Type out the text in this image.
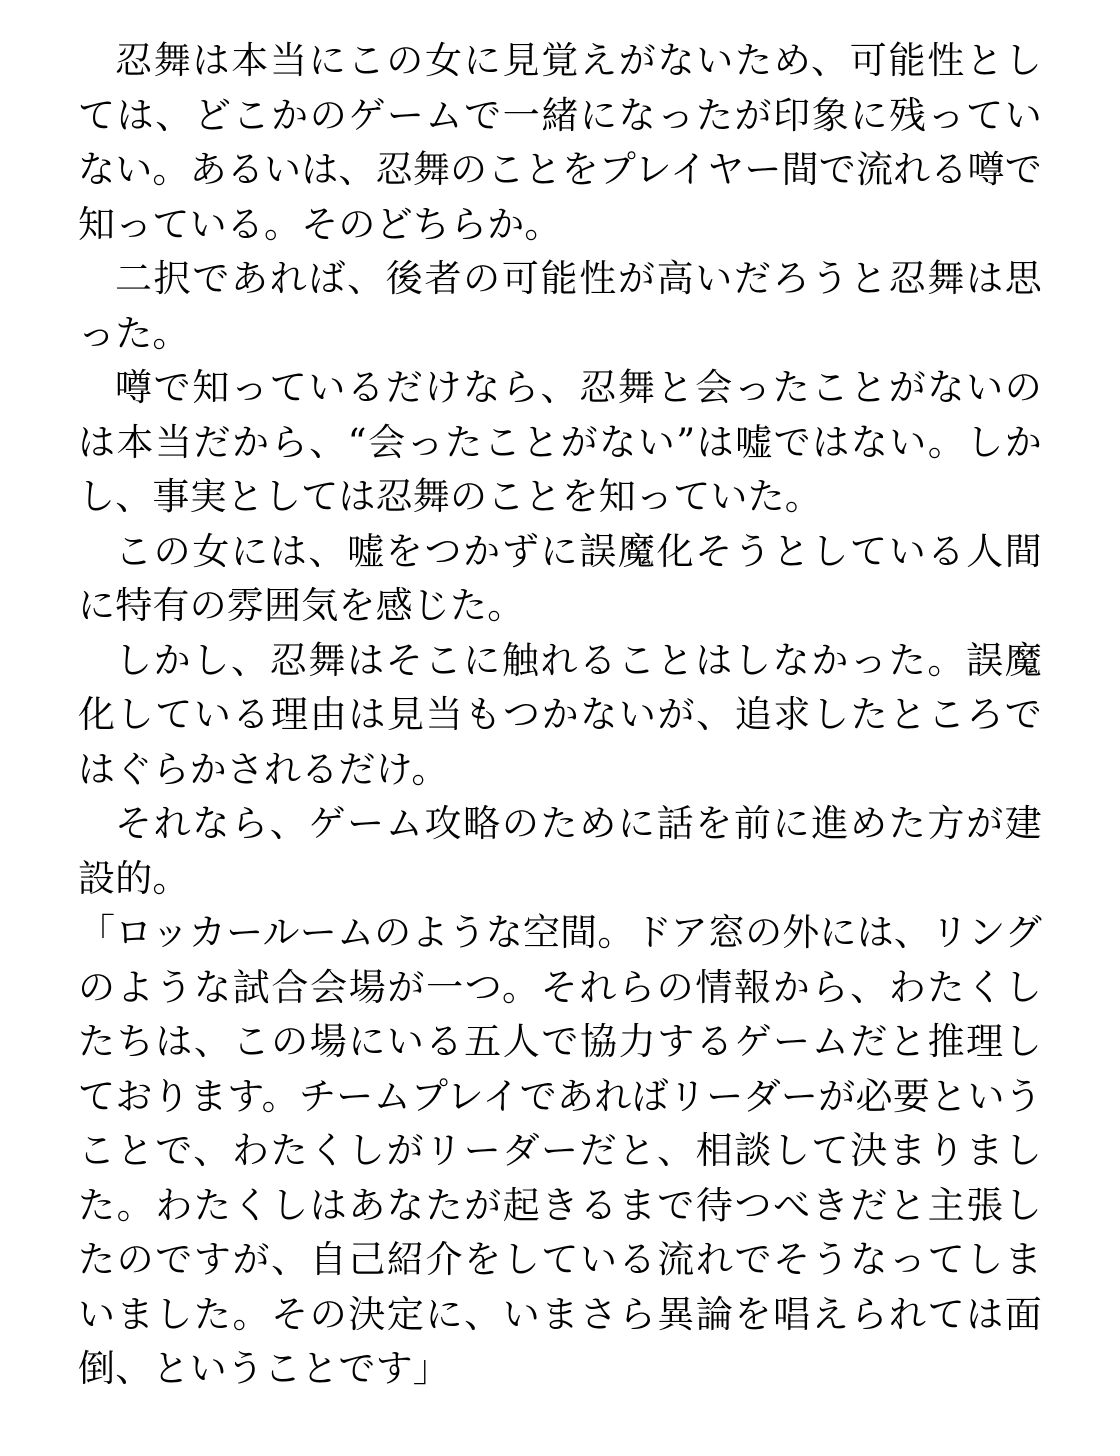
忍舞は本当にこの女に見覚えがないため、可能性としては、どこかのゲームで一緒になったが印象に残っていない。あるいは、忍舞のことをプレイヤー間で流れる噂で知っている。そのどちらか。

二択であれば、後者の可能性が高いだろうと忍舞は思った。

噂で知っているだけなら、忍舞と会ったことがないのは本当だから、“会ったことがない”は嘘ではない。しかし、事実としては忍舞のことを知っていた。

この女には、嘘をつかずに誤魔化そうとしている人間に特有の雰囲気を感じた。

しかし、忍舞はそこに触れることはしなかった。誤魔化している理由は見当もつかないが、追求したところではぐらかされるだけ。

それなら、ゲーム攻略のために話を前に進めた方が建設的。

「ロッカールームのような空間。ドア窓の外には、リングのような試合会場が一つ。それらの情報から、わたくしたちは、この場にいる五人で協力するゲームだと推理しております。チームプレイであればリーダーが必要ということで、わたくしがリーダーだと、相談して決まりました。わたくしはあなたが起きるまで待つべきだと主張したのですが、自己紹介をしている流れでそうなってしまいました。その決定に、いまさら異論を唱えられては面倒、ということです」
